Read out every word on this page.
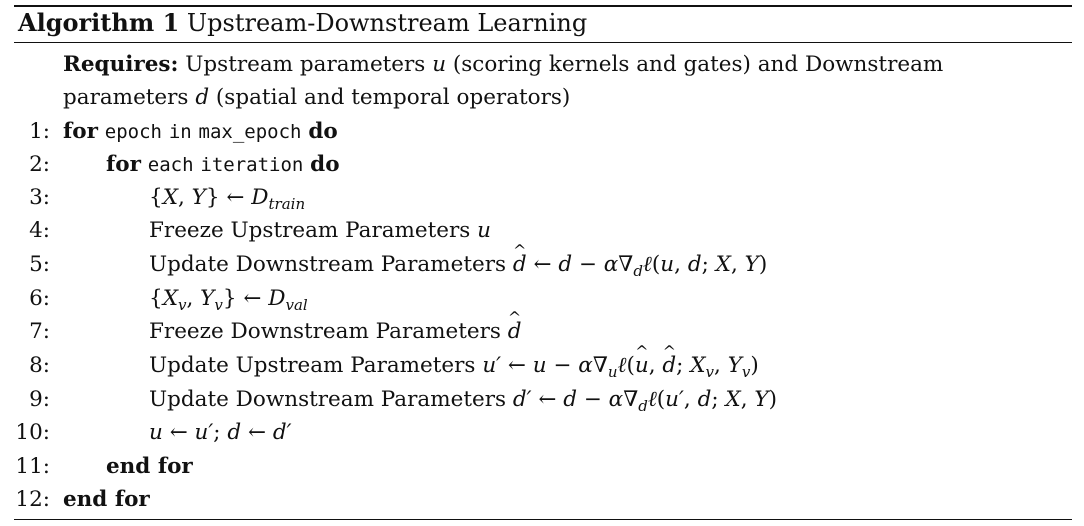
Algorithm 1 Upstream-Downstream Learning
Requires: Upstream parameters u (scoring kernels and gates) and Downstream
parameters d (spatial and temporal operators)
1: for epoch in max_epoch do
2:	for each iteration do
3:	{X, Y} ← $D_{train}$
4:	Freeze Upstream Parameters u
5:	Update Downstream Parameters ^ d ← $d - \alpha\nabla_d\ell(u$, d; X, Y)
6:	{$X_v$, $Y_v$} ← $D_{val}$
7:	Freeze Downstream Parameters ^ d
8:	Update Upstream Parameters u′ ← $u - \alpha\nabla_u\ell(\^{}$ u, ^ d; $X_v$, $Y_v$)
9:	Update Downstream Parameters d′ ← $d - \alpha\nabla_d\ell(u'$, d; X, Y)
10:	u ← u′; d ← d′
11:	end for
12: end for
